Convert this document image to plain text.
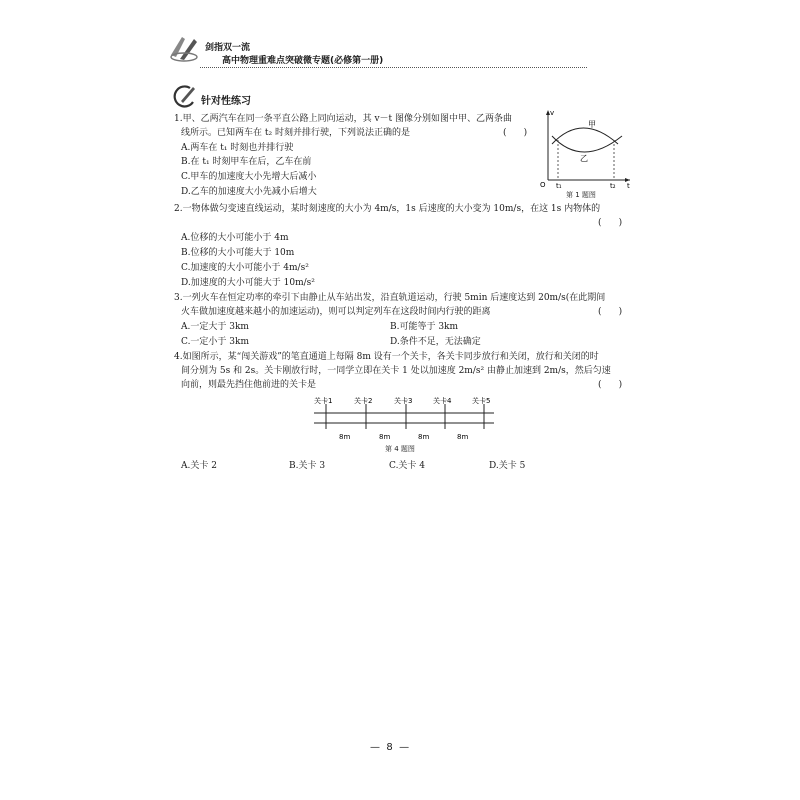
剑指双一流
高中物理重难点突破微专题(必修第一册)
针对性练习
1.甲、乙两汽车在同一条平直公路上同向运动，其 v－t 图像分别如图中甲、乙两条曲
线所示。已知两车在 t₂ 时刻并排行驶，下列说法正确的是	(      )
A.两车在 t₁ 时刻也并排行驶
B.在 t₁ 时刻甲车在后，乙车在前
C.甲车的加速度大小先增大后减小
D.乙车的加速度大小先减小后增大
v
t
O t₁	t₂
甲
乙
第 1 题图
2.一物体做匀变速直线运动，某时刻速度的大小为 4m/s，1s 后速度的大小变为 10m/s，在这 1s 内物体的
(      )
A.位移的大小可能小于 4m
B.位移的大小可能大于 10m
C.加速度的大小可能小于 4m/s²
D.加速度的大小可能大于 10m/s²
3.一列火车在恒定功率的牵引下由静止从车站出发，沿直轨道运动，行驶 5min 后速度达到 20m/s(在此期间
火车做加速度越来越小的加速运动)，则可以判定列车在这段时间内行驶的距离	(      )
A.一定大于 3km	B.可能等于 3km
C.一定小于 3km	D.条件不足，无法确定
4.如图所示，某“闯关游戏”的笔直通道上每隔 8m 设有一个关卡，各关卡同步放行和关闭，放行和关闭的时
间分别为 5s 和 2s。关卡刚放行时，一同学立即在关卡 1 处以加速度 2m/s² 由静止加速到 2m/s，然后匀速
向前，则最先挡住他前进的关卡是	(      )
关卡1	关卡2	关卡3	关卡4	关卡5
8m	8m	8m	8m
第 4 题图
A.关卡 2	B.关卡 3	C.关卡 4	D.关卡 5
—  8  —
